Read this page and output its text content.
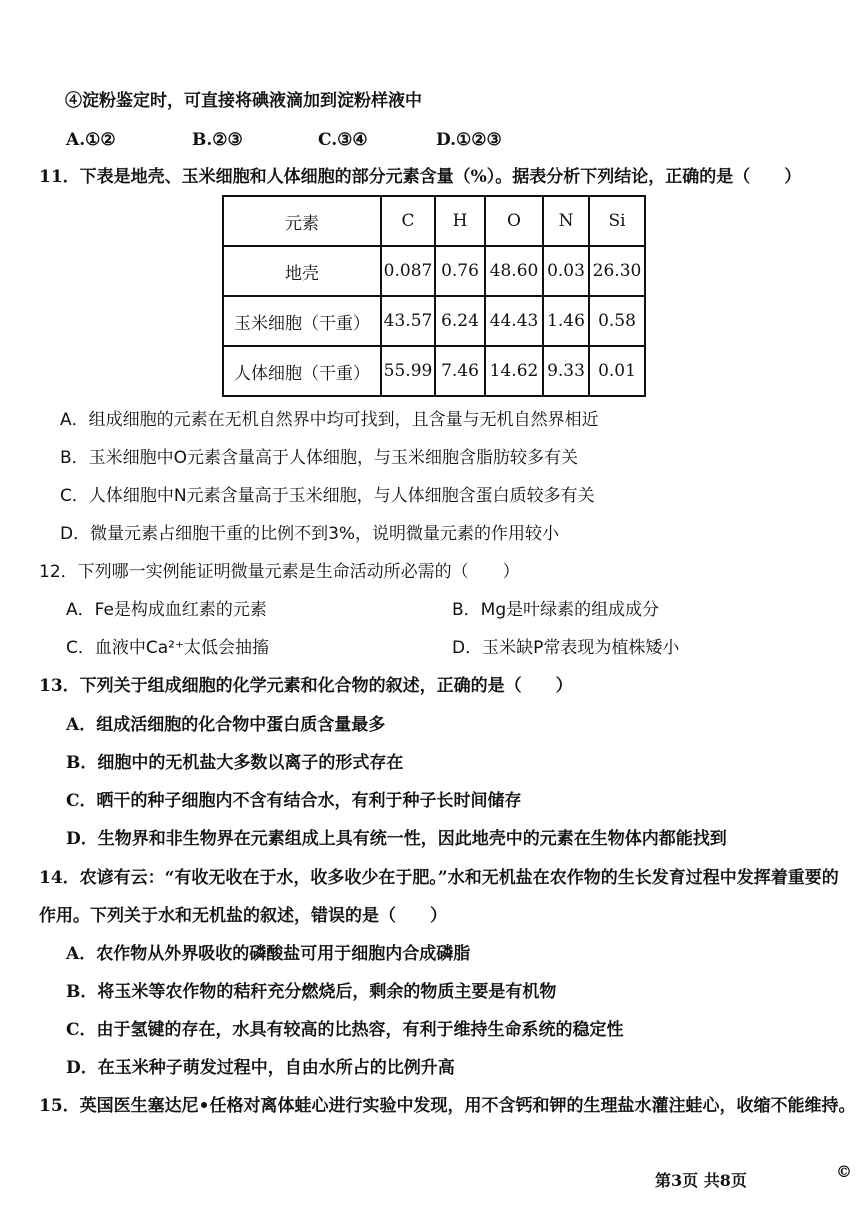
④淀粉鉴定时，可直接将碘液滴加到淀粉样液中
A.①②	B.②③	C.③④	D.①②③
11．下表是地壳、玉米细胞和人体细胞的部分元素含量（%）。据表分析下列结论，正确的是（　　）
元素	C	H	O	N	Si
地壳	0.087	0.76	48.60	0.03	26.30
玉米细胞（干重）	43.57	6.24	44.43	1.46	0.58
人体细胞（干重）	55.99	7.46	14.62	9.33	0.01
A．组成细胞的元素在无机自然界中均可找到，且含量与无机自然界相近
B．玉米细胞中O元素含量高于人体细胞，与玉米细胞含脂肪较多有关
C．人体细胞中N元素含量高于玉米细胞，与人体细胞含蛋白质较多有关
D．微量元素占细胞干重的比例不到3%，说明微量元素的作用较小
12．下列哪一实例能证明微量元素是生命活动所必需的（　　）
A．Fe是构成血红素的元素	B．Mg是叶绿素的组成成分
C．血液中Ca²⁺太低会抽搐	D．玉米缺P常表现为植株矮小
13．下列关于组成细胞的化学元素和化合物的叙述，正确的是（　　）
A．组成活细胞的化合物中蛋白质含量最多
B．细胞中的无机盐大多数以离子的形式存在
C．晒干的种子细胞内不含有结合水，有利于种子长时间储存
D．生物界和非生物界在元素组成上具有统一性，因此地壳中的元素在生物体内都能找到
14．农谚有云：“有收无收在于水，收多收少在于肥。”水和无机盐在农作物的生长发育过程中发挥着重要的
作用。下列关于水和无机盐的叙述，错误的是（　　）
A．农作物从外界吸收的磷酸盐可用于细胞内合成磷脂
B．将玉米等农作物的秸秆充分燃烧后，剩余的物质主要是有机物
C．由于氢键的存在，水具有较高的比热容，有利于维持生命系统的稳定性
D．在玉米种子萌发过程中，自由水所占的比例升高
15．英国医生塞达尼•任格对离体蛙心进行实验中发现，用不含钙和钾的生理盐水灌注蛙心，收缩不能维持。
第3页 共8页	©
